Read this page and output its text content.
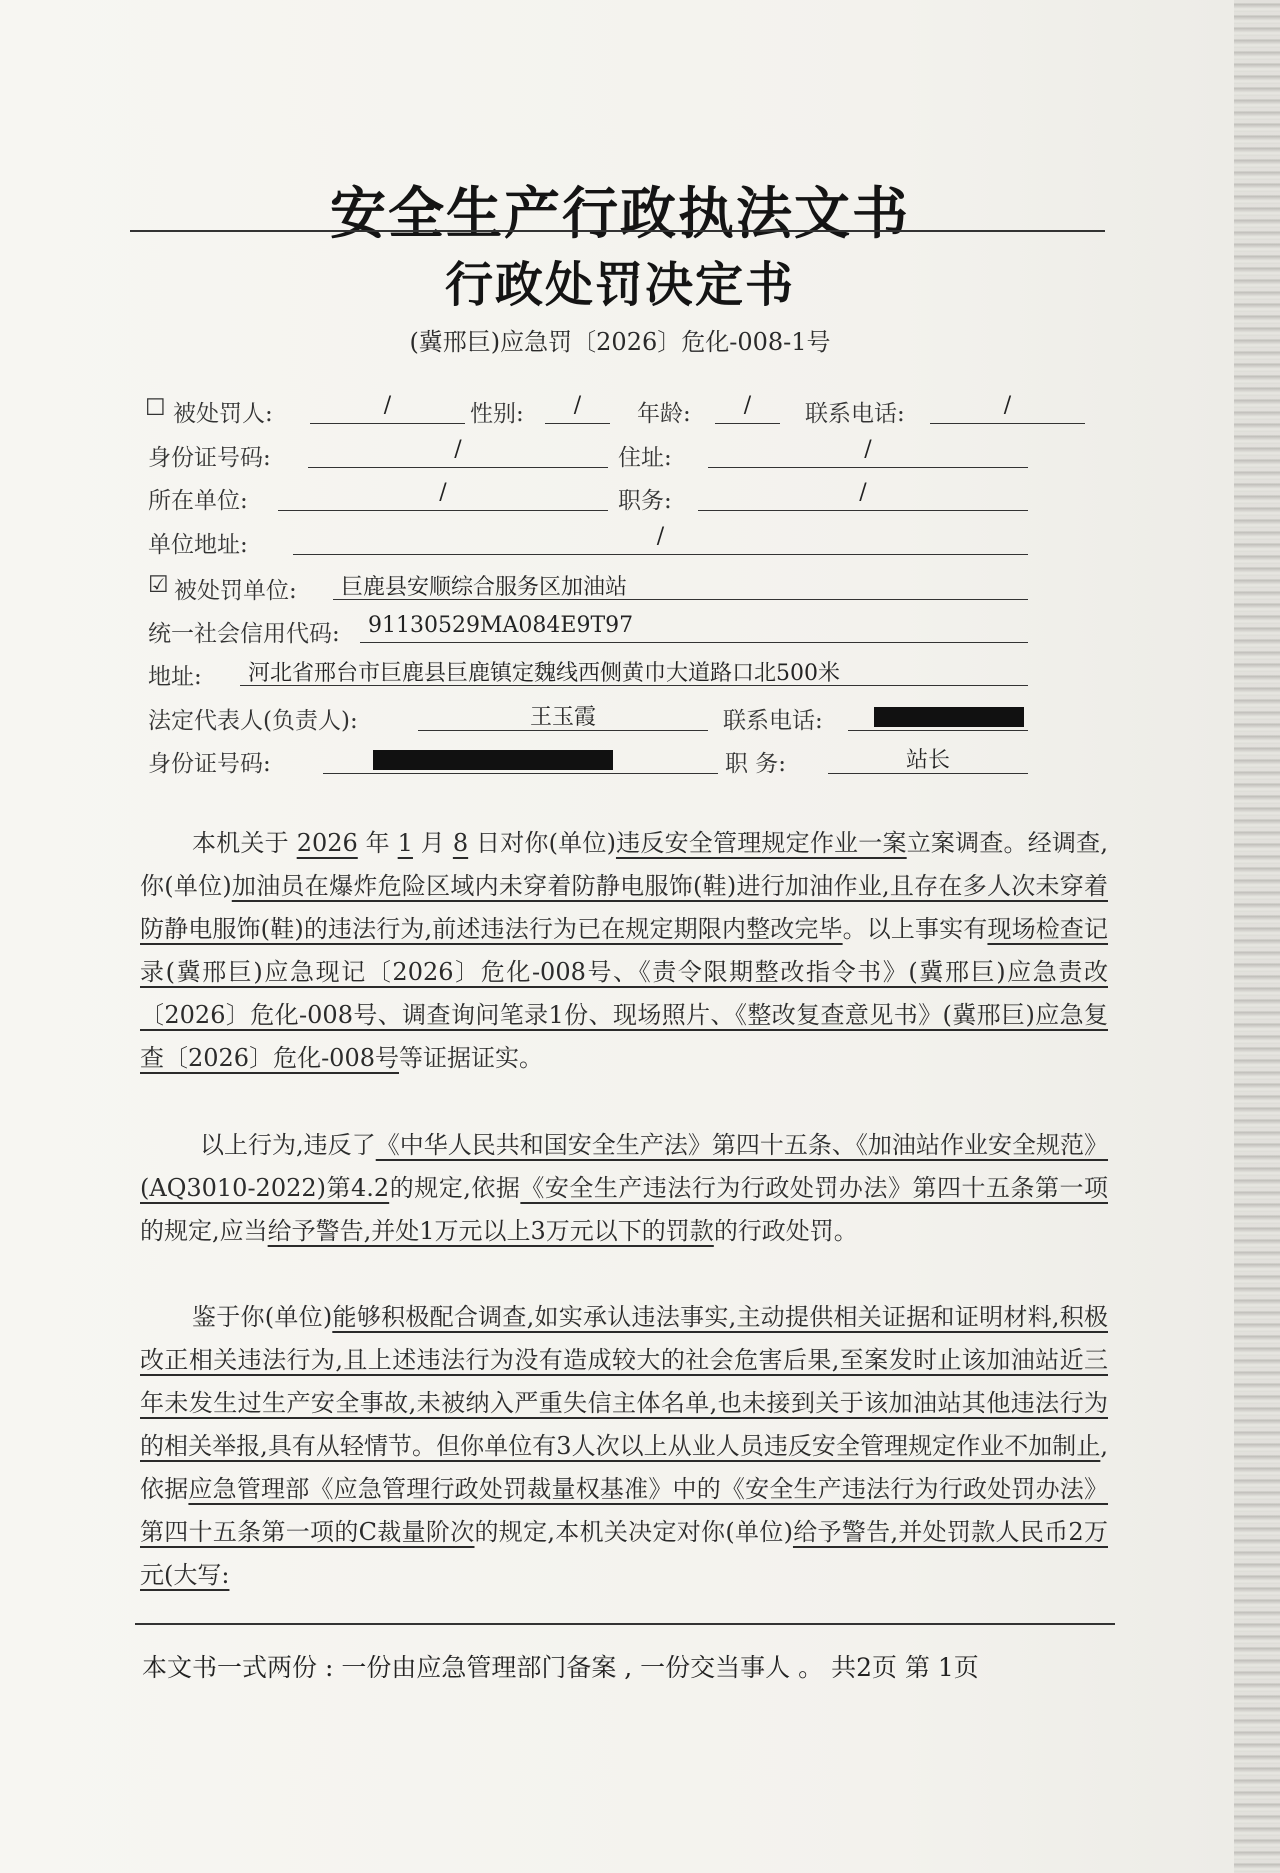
安全生产行政执法文书
行政处罚决定书
(冀邢巨)应急罚〔2026〕危化-008-1号
☐ 被处罚人:	/	性别:	/	年龄:	/	联系电话:	/
身份证号码:	/	住址:	/
所在单位:	/	职务:	/
单位地址:	/
☑ 被处罚单位:	巨鹿县安顺综合服务区加油站
统一社会信用代码:	91130529MA084E9T97
地址:	河北省邢台市巨鹿县巨鹿镇定魏线西侧黄巾大道路口北500米
法定代表人(负责人):	王玉霞	联系电话:
身份证号码:	职 务:	站长
本机关于 2026 年 1 月 8 日对你(单位)违反安全管理规定作业一案立案调查。经调查,你(单位)加油员在爆炸危险区域内未穿着防静电服饰(鞋)进行加油作业,且存在多人次未穿着防静电服饰(鞋)的违法行为,前述违法行为已在规定期限内整改完毕。以上事实有现场检查记录(冀邢巨)应急现记〔2026〕危化-008号、《责令限期整改指令书》(冀邢巨)应急责改〔2026〕危化-008号、调查询问笔录1份、现场照片、《整改复查意见书》(冀邢巨)应急复查〔2026〕危化-008号等证据证实。
以上行为,违反了《中华人民共和国安全生产法》第四十五条、《加油站作业安全规范》(AQ3010-2022)第4.2的规定,依据《安全生产违法行为行政处罚办法》第四十五条第一项的规定,应当给予警告,并处1万元以上3万元以下的罚款的行政处罚。
鉴于你(单位)能够积极配合调查,如实承认违法事实,主动提供相关证据和证明材料,积极改正相关违法行为,且上述违法行为没有造成较大的社会危害后果,至案发时止该加油站近三年未发生过生产安全事故,未被纳入严重失信主体名单,也未接到关于该加油站其他违法行为的相关举报,具有从轻情节。但你单位有3人次以上从业人员违反安全管理规定作业不加制止,依据应急管理部《应急管理行政处罚裁量权基准》中的《安全生产违法行为行政处罚办法》第四十五条第一项的C裁量阶次的规定,本机关决定对你(单位)给予警告,并处罚款人民币2万元(大写:
本文书一式两份 : 一份由应急管理部门备案 , 一份交当事人 。 共2页 第 1页
